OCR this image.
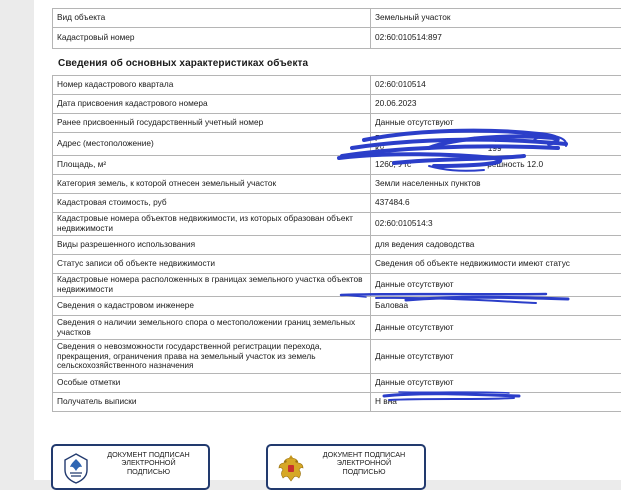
Вид объекта	Земельный участок
Кадастровый номер	02:60:010514:897
Сведения об основных характеристиках объекта
Номер кадастрового квартала	02:60:010514
Дата присвоения кадастрового номера	20.06.2023
Ранее присвоенный государственный учетный номер	Данные отсутствуют
Адрес (местоположение)	Р                                        остан,
Ку                                             199
Площадь, м²	1260, Утс                                 решность 12.0
Категория земель, к которой отнесен земельный участок	Земли населенных пунктов
Кадастровая стоимость, руб	437484.6
Кадастровые номера объектов недвижимости, из которых образован объект недвижимости	02:60:010514:3
Виды разрешенного использования	для ведения садоводства
Статус записи об объекте недвижимости	Сведения об объекте недвижимости имеют статус
Кадастровые номера расположенных в границах земельного участка объектов недвижимости	Данные отсутствуют
Сведения о кадастровом инженере	Баловаа
Сведения о наличии земельного спора о местоположении границ земельных участков	Данные отсутствуют
Сведения о невозможности государственной регистрации перехода, прекращения, ограничения права на земельный участок из земель сельскохозяйственного назначения	Данные отсутствуют
Особые отметки	Данные отсутствуют
Получатель выписки	Н вна
ДОКУМЕНТ ПОДПИСАН
ЭЛЕКТРОННОЙ
ПОДПИСЬЮ
ДОКУМЕНТ ПОДПИСАН
ЭЛЕКТРОННОЙ
ПОДПИСЬЮ
